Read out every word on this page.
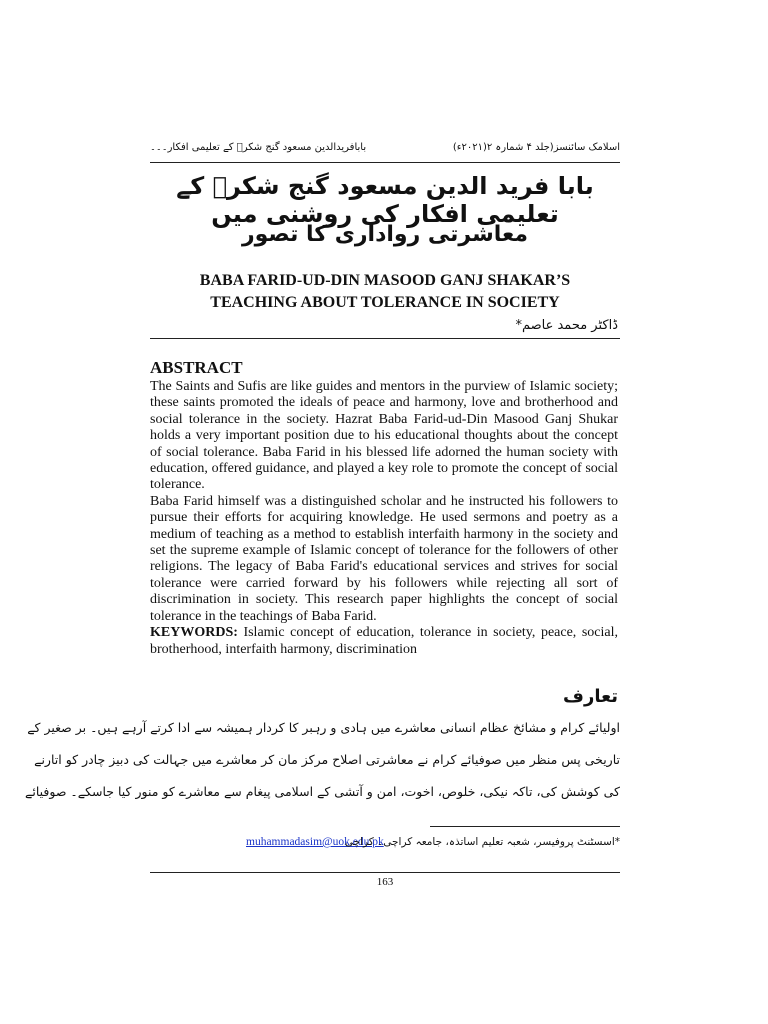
بابافریدالدین مسعود گنج شکرؒ کے تعلیمی افکار۔۔۔	اسلامک سائنسز(جلد ۴ شمارہ ۲(۲۰۲۱ء)
بابا فرید الدین مسعود گنج شکرؒ کے تعلیمی افکار کی روشنی میں
معاشرتی رواداری کا تصور
BABA FARID-UD-DIN MASOOD GANJ SHAKAR’S
TEACHING ABOUT TOLERANCE IN SOCIETY
ڈاکٹر محمد عاصم*
ABSTRACT

The Saints and Sufis are like guides and mentors in the purview of Islamic society; these saints promoted the ideals of peace and harmony, love and brotherhood and social tolerance in the society. Hazrat Baba Farid-ud-Din Masood Ganj Shukar holds a very important position due to his educational thoughts about the concept of social tolerance. Baba Farid in his blessed life adorned the human society with education, offered guidance, and played a key role to promote the concept of social tolerance.

Baba Farid himself was a distinguished scholar and he instructed his followers to pursue their efforts for acquiring knowledge. He used sermons and poetry as a medium of teaching as a method to establish interfaith harmony in the society and set the supreme example of Islamic concept of tolerance for the followers of other religions. The legacy of Baba Farid's educational services and strives for social tolerance were carried forward by his followers while rejecting all sort of discrimination in society. This research paper highlights the concept of social tolerance in the teachings of Baba Farid.

KEYWORDS: Islamic concept of education, tolerance in society, peace, social, brotherhood, interfaith harmony, discrimination

تعارف
اولیائے کرام و مشائخ عظام انسانی معاشرے میں ہادی و رہبر کا کردار ہمیشہ سے ادا کرتے آرہے ہیں۔ بر صغیر کے
تاریخی پس منظر میں صوفیائے کرام نے معاشرتی اصلاح مرکز مان کر معاشرے میں جہالت کی دبیز چادر کو اتارنے
کی کوشش کی، تاکہ نیکی، خلوص، اخوت، امن و آتشی کے اسلامی پیغام سے معاشرے کو منور کیا جاسکے۔ صوفیائے
muhammadasim@uok.edu.pk
*اسسٹنٹ پروفیسر، شعبہ تعلیم اساتذہ، جامعہ کراچی۔ کراچی
163
